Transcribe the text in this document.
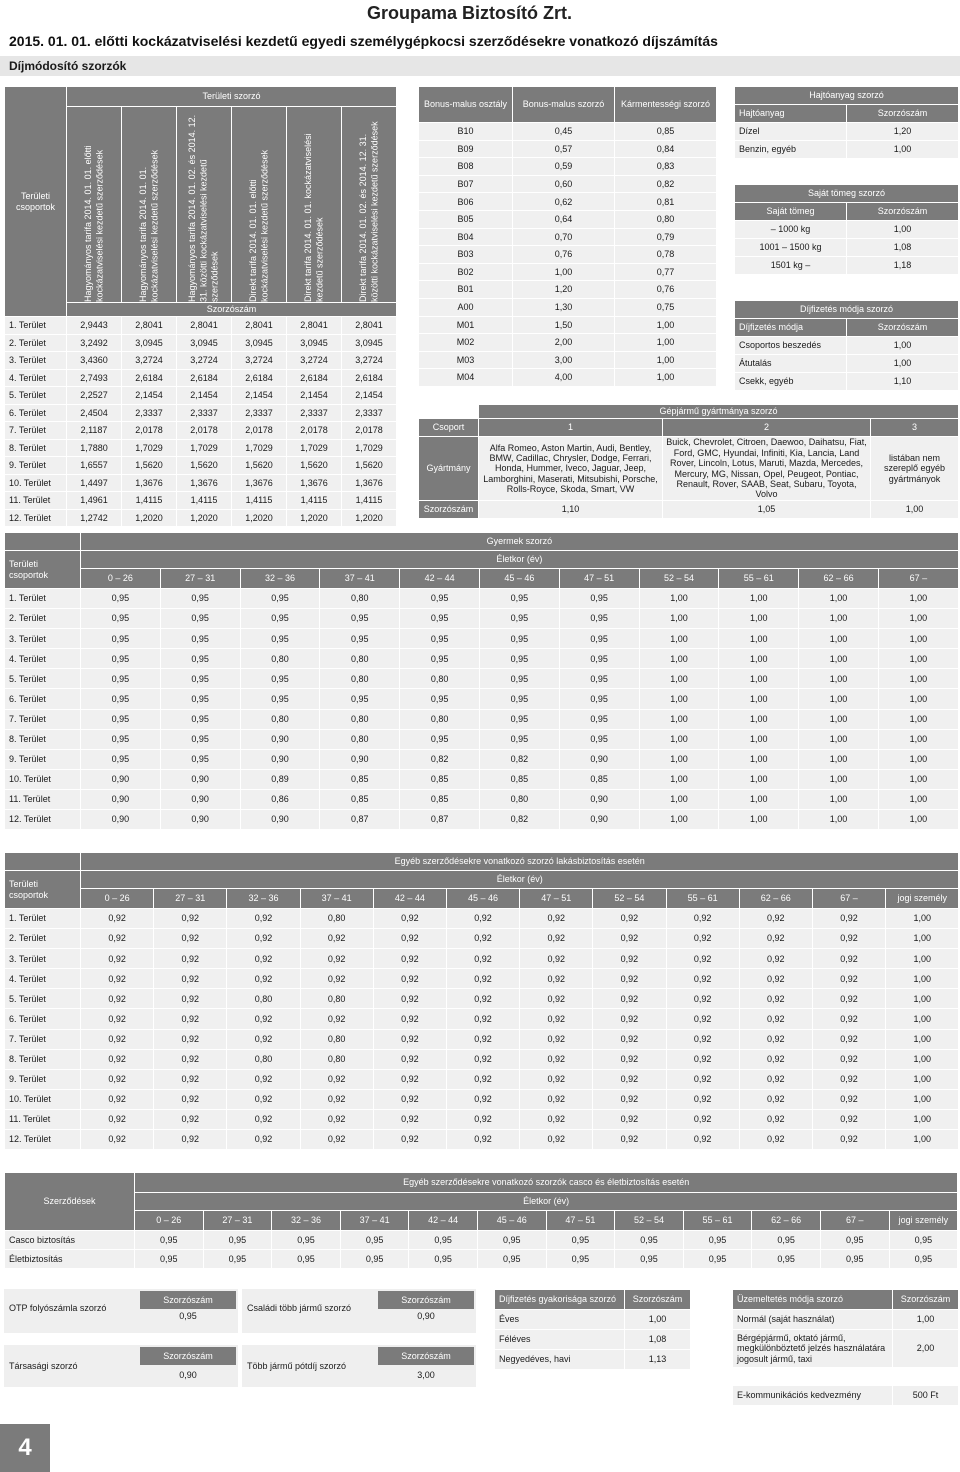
Groupama Biztosító Zrt.
2015. 01. 01. előtti kockázatviselési kezdetű egyedi személygépkocsi szerződésekre vonatkozó díjszámítás
Díjmódosító szorzók
Területi csoportok	Területi szorzó					

	Hagyományos tarifa 2014. 01. 01. előtti kockázatviselési kezdetű szerződések	Hagyományos tarifa 2014. 01. 01. kockázatviselési kezdetű szerződések	Hagyományos tarifa 2014. 01. 02. és 2014. 12. 31. közötti kockázatviselési kezdetű szerződések	Direkt tarifa 2014. 01. 01. előtti kockázatviselési kezdetű szerződések	Direkt tarifa 2014. 01. 01. kockázatviselési kezdetű szerződések	Direkt tarifa 2014. 01. 02. és 2014. 12. 31. közötti kockázatviselési kezdetű szerződések

	Szorzószám					
1. Terület	2,9443	2,8041	2,8041	2,8041	2,8041	2,8041
2. Terület	3,2492	3,0945	3,0945	3,0945	3,0945	3,0945
3. Terület	3,4360	3,2724	3,2724	3,2724	3,2724	3,2724
4. Terület	2,7493	2,6184	2,6184	2,6184	2,6184	2,6184
5. Terület	2,2527	2,1454	2,1454	2,1454	2,1454	2,1454
6. Terület	2,4504	2,3337	2,3337	2,3337	2,3337	2,3337
7. Terület	2,1187	2,0178	2,0178	2,0178	2,0178	2,0178
8. Terület	1,7880	1,7029	1,7029	1,7029	1,7029	1,7029
9. Terület	1,6557	1,5620	1,5620	1,5620	1,5620	1,5620
10. Terület	1,4497	1,3676	1,3676	1,3676	1,3676	1,3676
11. Terület	1,4961	1,4115	1,4115	1,4115	1,4115	1,4115
12. Terület	1,2742	1,2020	1,2020	1,2020	1,2020	1,2020
Bonus-malus osztály	Bonus-malus szorzó	Kármentességi szorzó
B10	0,45	0,85
B09	0,57	0,84
B08	0,59	0,83
B07	0,60	0,82
B06	0,62	0,81
B05	0,64	0,80
B04	0,70	0,79
B03	0,76	0,78
B02	1,00	0,77
B01	1,20	0,76
A00	1,30	0,75
M01	1,50	1,00
M02	2,00	1,00
M03	3,00	1,00
M04	4,00	1,00
Hajtóanyag szorzó	
Hajtóanyag	Szorzószám
Dízel	1,20
Benzin, egyéb	1,00
Saját tömeg szorzó	
Saját tömeg	Szorzószám
– 1000 kg	1,00
1001 – 1500 kg	1,08
1501 kg –	1,18
Díjfizetés módja szorzó	
Díjfizetés módja	Szorzószám
Csoportos beszedés	1,00
Átutalás	1,00
Csekk, egyéb	1,10
	Gépjármű gyártmánya szorzó		
Csoport	1	2	3
Gyártmány	Alfa Romeo, Aston Martin, Audi, Bentley, BMW, Cadillac, Chrysler, Dodge, Ferrari, Honda, Hummer, Iveco, Jaguar, Jeep, Lamborghini, Maserati, Mitsubishi, Porsche, Rolls-Royce, Skoda, Smart, VW	Buick, Chevrolet, Citroen, Daewoo, Daihatsu, Fiat, Ford, GMC, Hyundai, Infiniti, Kia, Lancia, Land Rover, Lincoln, Lotus, Maruti, Mazda, Mercedes, Mercury, MG, Nissan, Opel, Peugeot, Pontiac, Renault, Rover, SAAB, Seat, Subaru, Toyota, Volvo	listában nem szereplő egyéb gyártmányok
Szorzószám	1,10	1,05	1,00
	Gyermek szorzó										
Területi csoportok	Életkor (év)										
	0 – 26	27 – 31	32 – 36	37 – 41	42 – 44	45 – 46	47 – 51	52 – 54	55 – 61	62 – 66	67 –
1. Terület	0,95	0,95	0,95	0,80	0,95	0,95	0,95	1,00	1,00	1,00	1,00
2. Terület	0,95	0,95	0,95	0,95	0,95	0,95	0,95	1,00	1,00	1,00	1,00
3. Terület	0,95	0,95	0,95	0,95	0,95	0,95	0,95	1,00	1,00	1,00	1,00
4. Terület	0,95	0,95	0,80	0,80	0,95	0,95	0,95	1,00	1,00	1,00	1,00
5. Terület	0,95	0,95	0,95	0,80	0,80	0,95	0,95	1,00	1,00	1,00	1,00
6. Terület	0,95	0,95	0,95	0,95	0,95	0,95	0,95	1,00	1,00	1,00	1,00
7. Terület	0,95	0,95	0,80	0,80	0,80	0,95	0,95	1,00	1,00	1,00	1,00
8. Terület	0,95	0,95	0,90	0,80	0,95	0,95	0,95	1,00	1,00	1,00	1,00
9. Terület	0,95	0,95	0,90	0,90	0,82	0,82	0,90	1,00	1,00	1,00	1,00
10. Terület	0,90	0,90	0,89	0,85	0,85	0,85	0,85	1,00	1,00	1,00	1,00
11. Terület	0,90	0,90	0,86	0,85	0,85	0,80	0,90	1,00	1,00	1,00	1,00
12. Terület	0,90	0,90	0,90	0,87	0,87	0,82	0,90	1,00	1,00	1,00	1,00
	Egyéb szerződésekre vonatkozó szorzó lakásbiztosítás esetén											
Területi csoportok	Életkor (év)											
	0 – 26	27 – 31	32 – 36	37 – 41	42 – 44	45 – 46	47 – 51	52 – 54	55 – 61	62 – 66	67 –	jogi személy
1. Terület	0,92	0,92	0,92	0,80	0,92	0,92	0,92	0,92	0,92	0,92	0,92	1,00
2. Terület	0,92	0,92	0,92	0,92	0,92	0,92	0,92	0,92	0,92	0,92	0,92	1,00
3. Terület	0,92	0,92	0,92	0,92	0,92	0,92	0,92	0,92	0,92	0,92	0,92	1,00
4. Terület	0,92	0,92	0,92	0,92	0,92	0,92	0,92	0,92	0,92	0,92	0,92	1,00
5. Terület	0,92	0,92	0,80	0,80	0,92	0,92	0,92	0,92	0,92	0,92	0,92	1,00
6. Terület	0,92	0,92	0,92	0,92	0,92	0,92	0,92	0,92	0,92	0,92	0,92	1,00
7. Terület	0,92	0,92	0,92	0,80	0,92	0,92	0,92	0,92	0,92	0,92	0,92	1,00
8. Terület	0,92	0,92	0,80	0,80	0,92	0,92	0,92	0,92	0,92	0,92	0,92	1,00
9. Terület	0,92	0,92	0,92	0,92	0,92	0,92	0,92	0,92	0,92	0,92	0,92	1,00
10. Terület	0,92	0,92	0,92	0,92	0,92	0,92	0,92	0,92	0,92	0,92	0,92	1,00
11. Terület	0,92	0,92	0,92	0,92	0,92	0,92	0,92	0,92	0,92	0,92	0,92	1,00
12. Terület	0,92	0,92	0,92	0,92	0,92	0,92	0,92	0,92	0,92	0,92	0,92	1,00
Szerződések	Egyéb szerződésekre vonatkozó szorzók casco és életbiztosítás esetén											
	Életkor (év)											
	0 – 26	27 – 31	32 – 36	37 – 41	42 – 44	45 – 46	47 – 51	52 – 54	55 – 61	62 – 66	67 –	jogi személy
Casco biztosítás	0,95	0,95	0,95	0,95	0,95	0,95	0,95	0,95	0,95	0,95	0,95	0,95
Életbiztosítás	0,95	0,95	0,95	0,95	0,95	0,95	0,95	0,95	0,95	0,95	0,95	0,95
OTP folyószámla szorzó
Szorzószám
0,95
Családi több jármű szorzó
Szorzószám
0,90
Társasági szorzó
Szorzószám
0,90
Több jármű pótdíj szorzó
Szorzószám
3,00
Díjfizetés gyakorisága szorzó	Szorzószám
Éves	1,00
Féléves	1,08
Negyedéves, havi	1,13
Üzemeltetés módja szorzó	Szorzószám
Normál (saját használat)	1,00
Bérgépjármű, oktató jármű, megkülönböztető jelzés használatára jogosult jármű, taxi	2,00
E-kommunikációs kedvezmény	500 Ft
4
